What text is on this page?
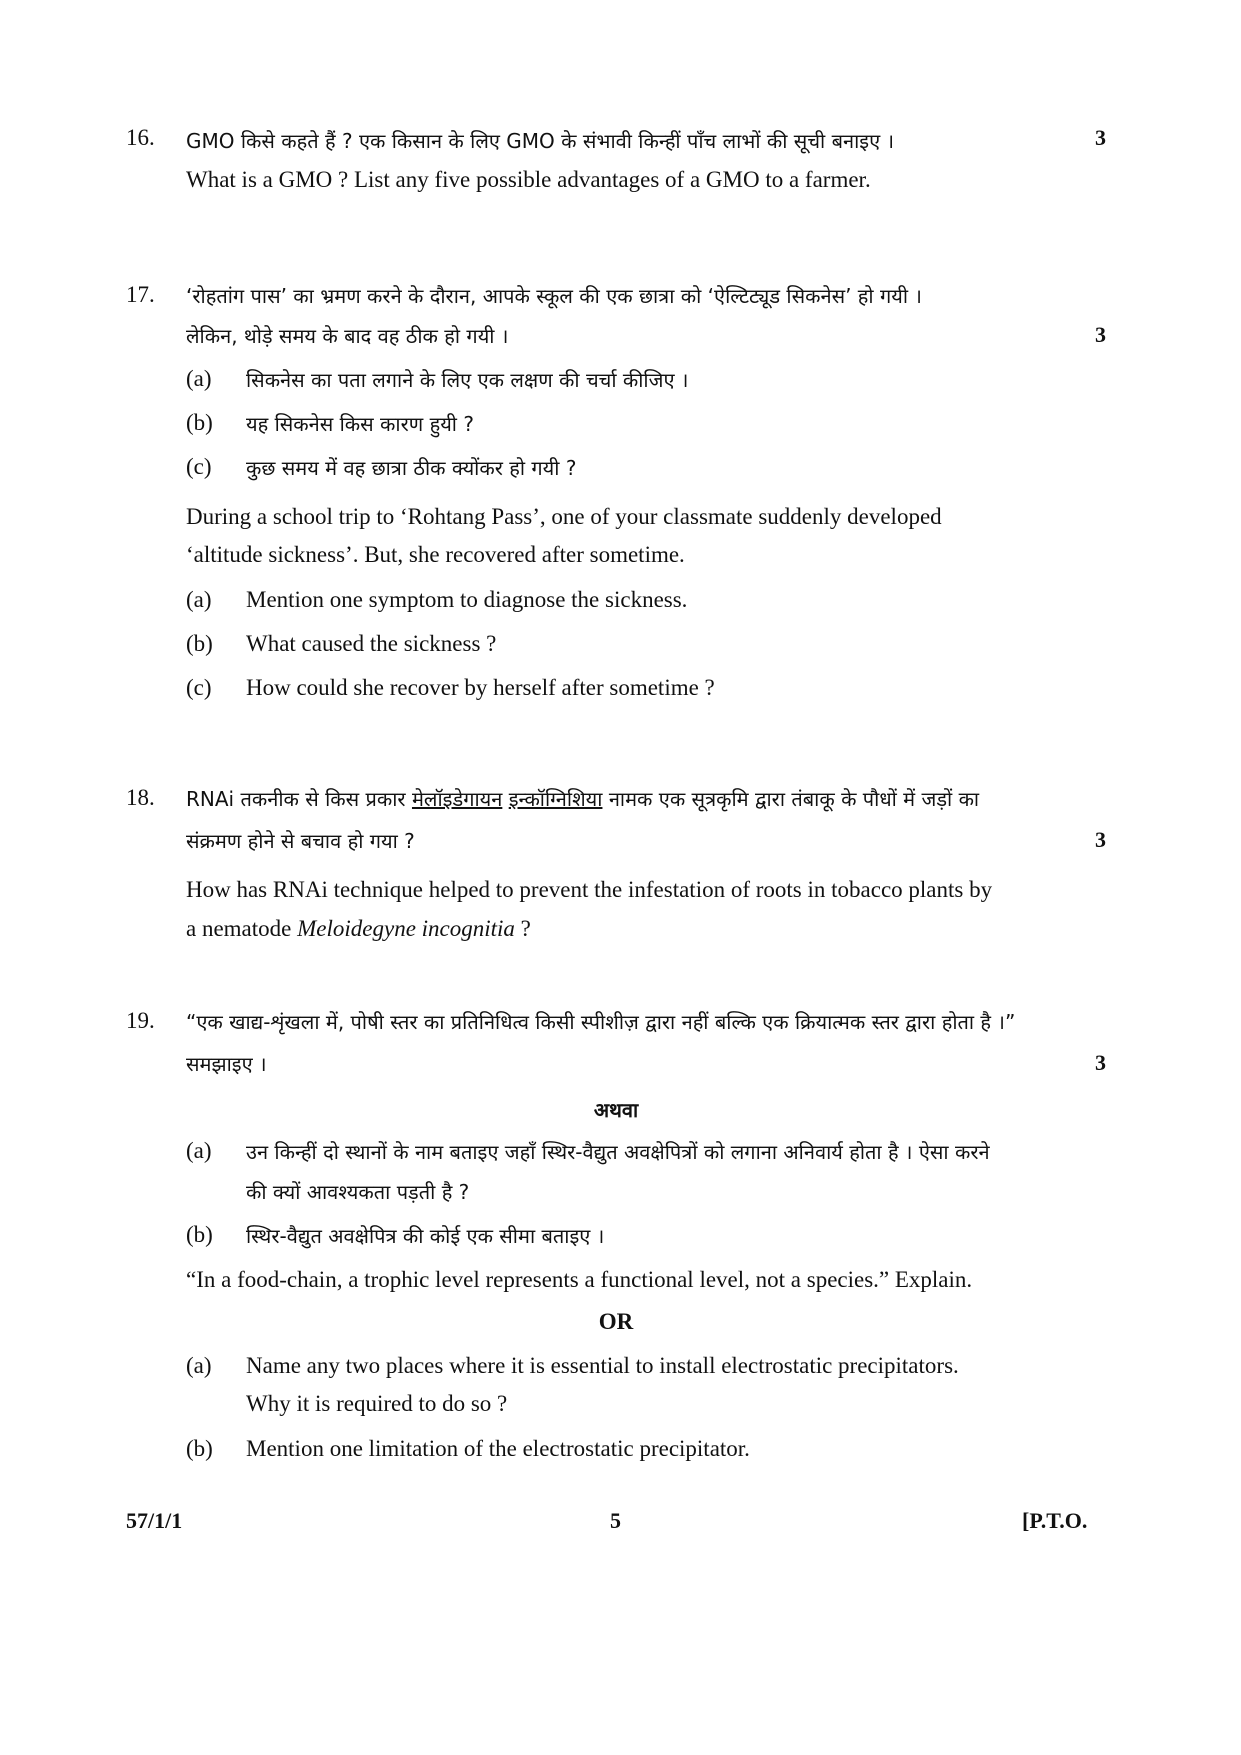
16. GMO किसे कहते हैं ? एक किसान के लिए GMO के संभावी किन्हीं पाँच लाभों की सूची बनाइए ।	3
What is a GMO ? List any five possible advantages of a GMO to a farmer.
17. ‘रोहतांग पास’ का भ्रमण करने के दौरान, आपके स्कूल की एक छात्रा को ‘ऐल्टिट्यूड सिकनेस’ हो गयी ।
लेकिन, थोड़े समय के बाद वह ठीक हो गयी ।	3
(a) सिकनेस का पता लगाने के लिए एक लक्षण की चर्चा कीजिए ।
(b) यह सिकनेस किस कारण हुयी ?
(c) कुछ समय में वह छात्रा ठीक क्योंकर हो गयी ?
During a school trip to ‘Rohtang Pass’, one of your classmate suddenly developed
‘altitude sickness’. But, she recovered after sometime.
(a) Mention one symptom to diagnose the sickness.
(b) What caused the sickness ?
(c) How could she recover by herself after sometime ?
18. RNAi तकनीक से किस प्रकार मेलॉइडेगायन इन्कॉग्निशिया नामक एक सूत्रकृमि द्वारा तंबाकू के पौधों में जड़ों का
संक्रमण होने से बचाव हो गया ?	3
How has RNAi technique helped to prevent the infestation of roots in tobacco plants by
a nematode Meloidegyne incognitia ?
19. “एक खाद्य-शृंखला में, पोषी स्तर का प्रतिनिधित्व किसी स्पीशीज़ द्वारा नहीं बल्कि एक क्रियात्मक स्तर द्वारा होता है ।”
समझाइए ।	3
अथवा
(a) उन किन्हीं दो स्थानों के नाम बताइए जहाँ स्थिर-वैद्युत अवक्षेपित्रों को लगाना अनिवार्य होता है । ऐसा करने
की क्यों आवश्यकता पड़ती है ?
(b) स्थिर-वैद्युत अवक्षेपित्र की कोई एक सीमा बताइए ।
“In a food-chain, a trophic level represents a functional level, not a species.” Explain.
OR
(a) Name any two places where it is essential to install electrostatic precipitators.
Why it is required to do so ?
(b) Mention one limitation of the electrostatic precipitator.
57/1/1	5	[P.T.O.
